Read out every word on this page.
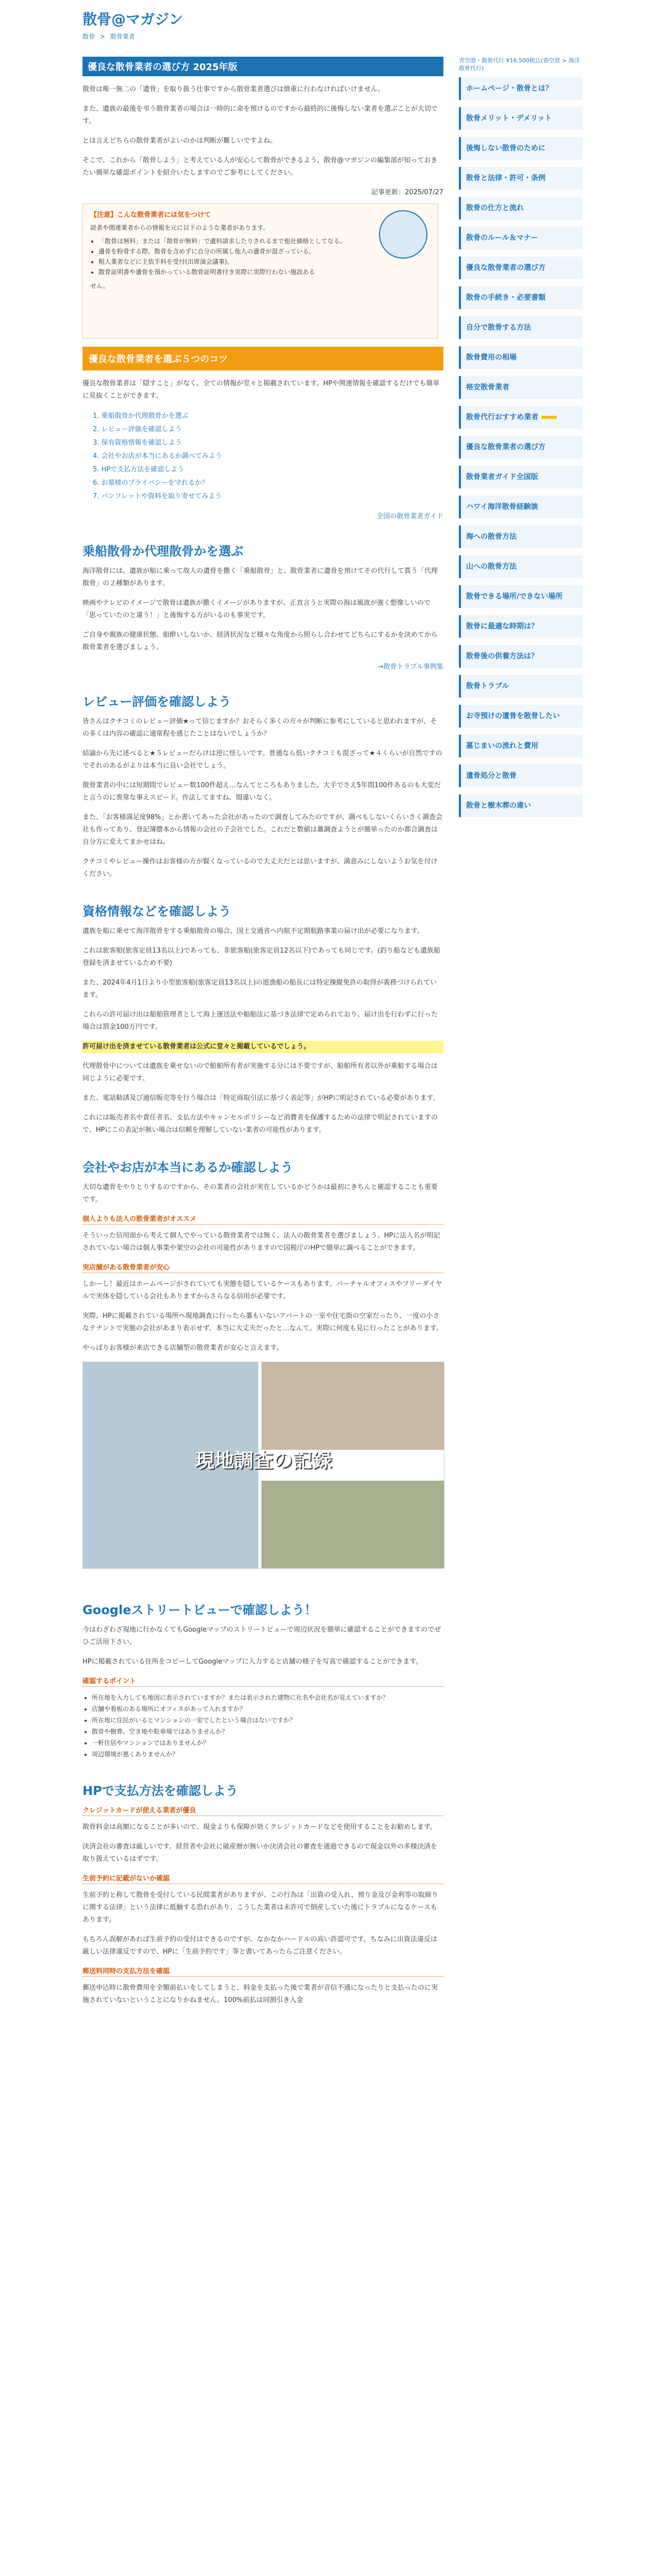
散骨@マガジン
散骨 > 散骨業者
優良な散骨業者の選び方 2025年版

散骨は唯一無二の「遺骨」を取り扱う仕事ですから散骨業者選びは慎重に行わなければいけません。

また、遺族の最後を弔う散骨業者の場合は一時的に命を預けるのですから最終的に後悔しない業者を選ぶことが大切です。

とは言えどちらの散骨業者がよいのかは判断が難しいですよね。

そこで、これから「散骨しよう」と考えている人が安心して散骨ができるよう、散骨@マガジンの編集部が知っておきたい簡単な確認ポイントを紹介いたしますのでご参考にしてください。

記事更新：2025/07/27
【注意】こんな散骨業者には気をつけて
読者や関連業者からの情報を元に以下のような業者があります。
• 「散骨は無料」または「散骨が無料」で遺料請求したりされるまで他社価格としてなる。
• 遺骨を粉骨する際、散骨を含めずに自分の所属し他人の遺骨が混ざっている。
• 粗人業者などに主依手料を受付(出席演会議事)。
• 散骨証明書や遺骨を預かっている散骨証明書付き実際に実際行わない施設ある
せん。
優良な散骨業者を選ぶ５つのコツ

優良な散骨業者は「隠すこと」がなく、全ての情報が堂々と掲載されています。HPや関連情報を確認するだけでも簡単に見抜くことができます。

1. 乗船散骨か代理散骨かを選ぶ
2. レビュー評価を確認しよう
3. 保有資格情報を確認しよう
4. 会社やお店が本当にあるか調べてみよう
5. HPで支払方法を確認しよう
6. お墓様のプライバシーを守れるか？
7. パンフレットや資料を取り寄せてみよう
全国の散骨業者ガイド
乗船散骨か代理散骨かを選ぶ

海洋散骨には、遺族が船に乗って故人の遺骨を撒く「乗船散骨」と、散骨業者に遺骨を預けてその代行して貰う「代理散骨」の２種類があります。

映画やテレビのイメージで散骨は遺族が撒くイメージがありますが、正直言うと実際の海は風波が強く想像しいので「思っていたのと違う！」と後悔する方がいるのも事実です。

ご自身や親族の健康状態、船酔いしないか、経済状況など様々な角度から照らし合わせてどちらにするかを決めてから散骨業者を選びましょう。

→散骨トラブル事例集
レビュー評価を確認しよう

皆さんはクチコミのレビュー評価★って信じますか？おそらく多くの方々が判断に参考にしていると思われますが、その多くは内容の確認に通常程を感じたことはないでしょうか？

結論から先に述べると★５レビューだらけは逆に怪しいです。普通なら低いクチコミも混ざって★４くらいが自然ですのでそれのあるがよりは本当に良い会社でしょう。

散骨業者の中には短期間でレビュー数100件超え…なんてところもありました。大手でさえ5年間100件あるのも大変だと言うのに異常な事えスピード。作法してますね、間違いなく。

また、「お客様満足度98%」とか書いてあった会社があったので調査してみたのですが、調べもしないくらいさく調査会社も作ってあり、登記簿謄本から情報の会社の子会社でした。これだと数値は雑調査ようとが簡単ったのか都合調査は自分方に変えてまかせはね。

クチコミやレビュー操作はお客様の方が賢くなっているので大丈夫だとは思いますが、満意みにしないようお気を付けください。

資格情報などを確認しよう

遺族を船に乗せて海洋散骨をする乗船散骨の場合、国土交通省へ内航不定期航路事業の届け出が必要になります。

これは旅客船(旅客定員13名以上)であっても、非旅客船(旅客定員12名以下)であっても同じです。(釣り船なども遺族船登録を済ませているため不要)

また、2024年4月1日より小型旅客船(旅客定員13名以上)の遊漁船の船長には特定操縦免許の取得が義務づけられています。

これらの許可届け出は船舶管理者として海上運送法や船舶法に基づき法律で定められており、届け出を行わずに行った場合は罰金100万円です。

許可届け出を済ませている散骨業者は公式に堂々と掲載しているでしょう。

代理散骨中については遺族を乗せないので船舶所有者が実施する分には不要ですが、船舶所有者以外が乗船する場合は同じように必要です。

また、電話勧誘及び通信販売等を行う場合は「特定商取引法に基づく表記等」がHPに明記されている必要があります。

これには販売者名や責任者名、支払方法やキャンセルポリシーなど消費者を保護するための法律で明記されていますので、HPにこの表記が無い場合は信頼を理解していない業者の可能性があります。

会社やお店が本当にあるか確認しよう

大切な遺骨をやりとりするのですから、その業者の会社が実在しているかどうかは最初にきちんと確認することも重要です。

個人よりも法人の散骨業者がオススメ

そういった信用面から考えて個人でやっている散骨業者では無く、法人の散骨業者を選びましょう。HPに法人名が明記されていない場合は個人事業や架空の会社の可能性がありますので国税庁のHPで簡単に調べることができます。

実店舗がある散骨業者が安心

しかーし！最近はホームページがされていても実態を隠しているケースもあります。パーチャルオフィスやフリーダイヤルで実体を隠している会社もありますからさらなる信用が必要です。

実際、HPに掲載されている場所へ現地調査に行ったら藁もいないアパートの一室や住宅街の空家だったり、一度の小さなテナントで実態の会社があまり表示せず、本当に大丈夫だったと…なんて。実際に何度も見に行ったことがあります。

やっぱりお客様が来店できる店舗型の散骨業者が安心と言えます。

現地調査の記録
Googleストリートビューで確認しよう！

今はわざわざ現地に行かなくてもGoogleマップのストリートビューで周辺状況を簡単に確認することができますのでぜひご活用下さい。

HPに掲載されている住所をコピーしてGoogleマップに入力すると店舗の様子を写真で確認することができます。

確認するポイント
• 所在地を入力しても地図に表示されていますか？または表示された建物に社名や会社名が見えていますか？
• 店舗や看板のある場所にオフィスがあって入れますか？
• 所在地に住民がいるとマンションの一室でしたという場合はないですか？
• 散骨や樹葬、空き地や駐車場ではありませんか？
• 一軒住居やマンションではありませんか？
• 周辺環境が悪くありませんか？
HPで支払方法を確認しよう
クレジットカードが使える業者が優良

散骨料金は高額になることが多いので、現金よりも保障が効くクレジットカードなどを使用することをお勧めします。

決済会社の審査は厳しいです。経営者や会社に破産暦が無いか決済会社の審査を通過できるので現金以外の多様決済を取り扱えているはずです。

生前予約に記載がないか確認

生前予約と称して散骨を受付している民間業者がありますが、この行為は「出資の受入れ、預り金及び金利等の取締りに関する法律」という法律に抵触する恐れがあり、こうした業者は未許可で倒産していた後にトラブルになるケースもあります。

もちろん誤解があれば生前予約の受付はできるのですが、なかなかハードルの高い許認可です。ちなみに出資法違反は厳しい法律違反ですので、HPに「生前予約です」等と書いてあったらご注意ください。

郵送料同時の支払方法を確認

郵送申込時に散骨費用を全額前払いをしてしまうと、料金を支払った後で業者が音信不通になったりと支払ったのに実施されていないということになりかねません。100%前払は同割引き入金

青空澄・散骨代行 ¥16,500税込(春空澄 > 海洋散骨代行)
ホームページ・散骨とは？
散骨メリット・デメリット
後悔しない散骨のために
散骨と法律・許可・条例
散骨の仕方と流れ
散骨のルール＆マナー
優良な散骨業者の選び方
散骨の手続き・必要書類
自分で散骨する方法
散骨費用の相場
格安散骨業者
散骨代行おすすめ業者
優良な散骨業者の選び方
散骨業者ガイド全国版
ハワイ海洋散骨経験談
海への散骨方法
山への散骨方法
散骨できる場所/できない場所
散骨に最適な時期は？
散骨後の供養方法は？
散骨トラブル
お寺預けの遺骨を散骨したい
墓じまいの流れと費用
遺骨処分と散骨
散骨と樹木葬の違い
